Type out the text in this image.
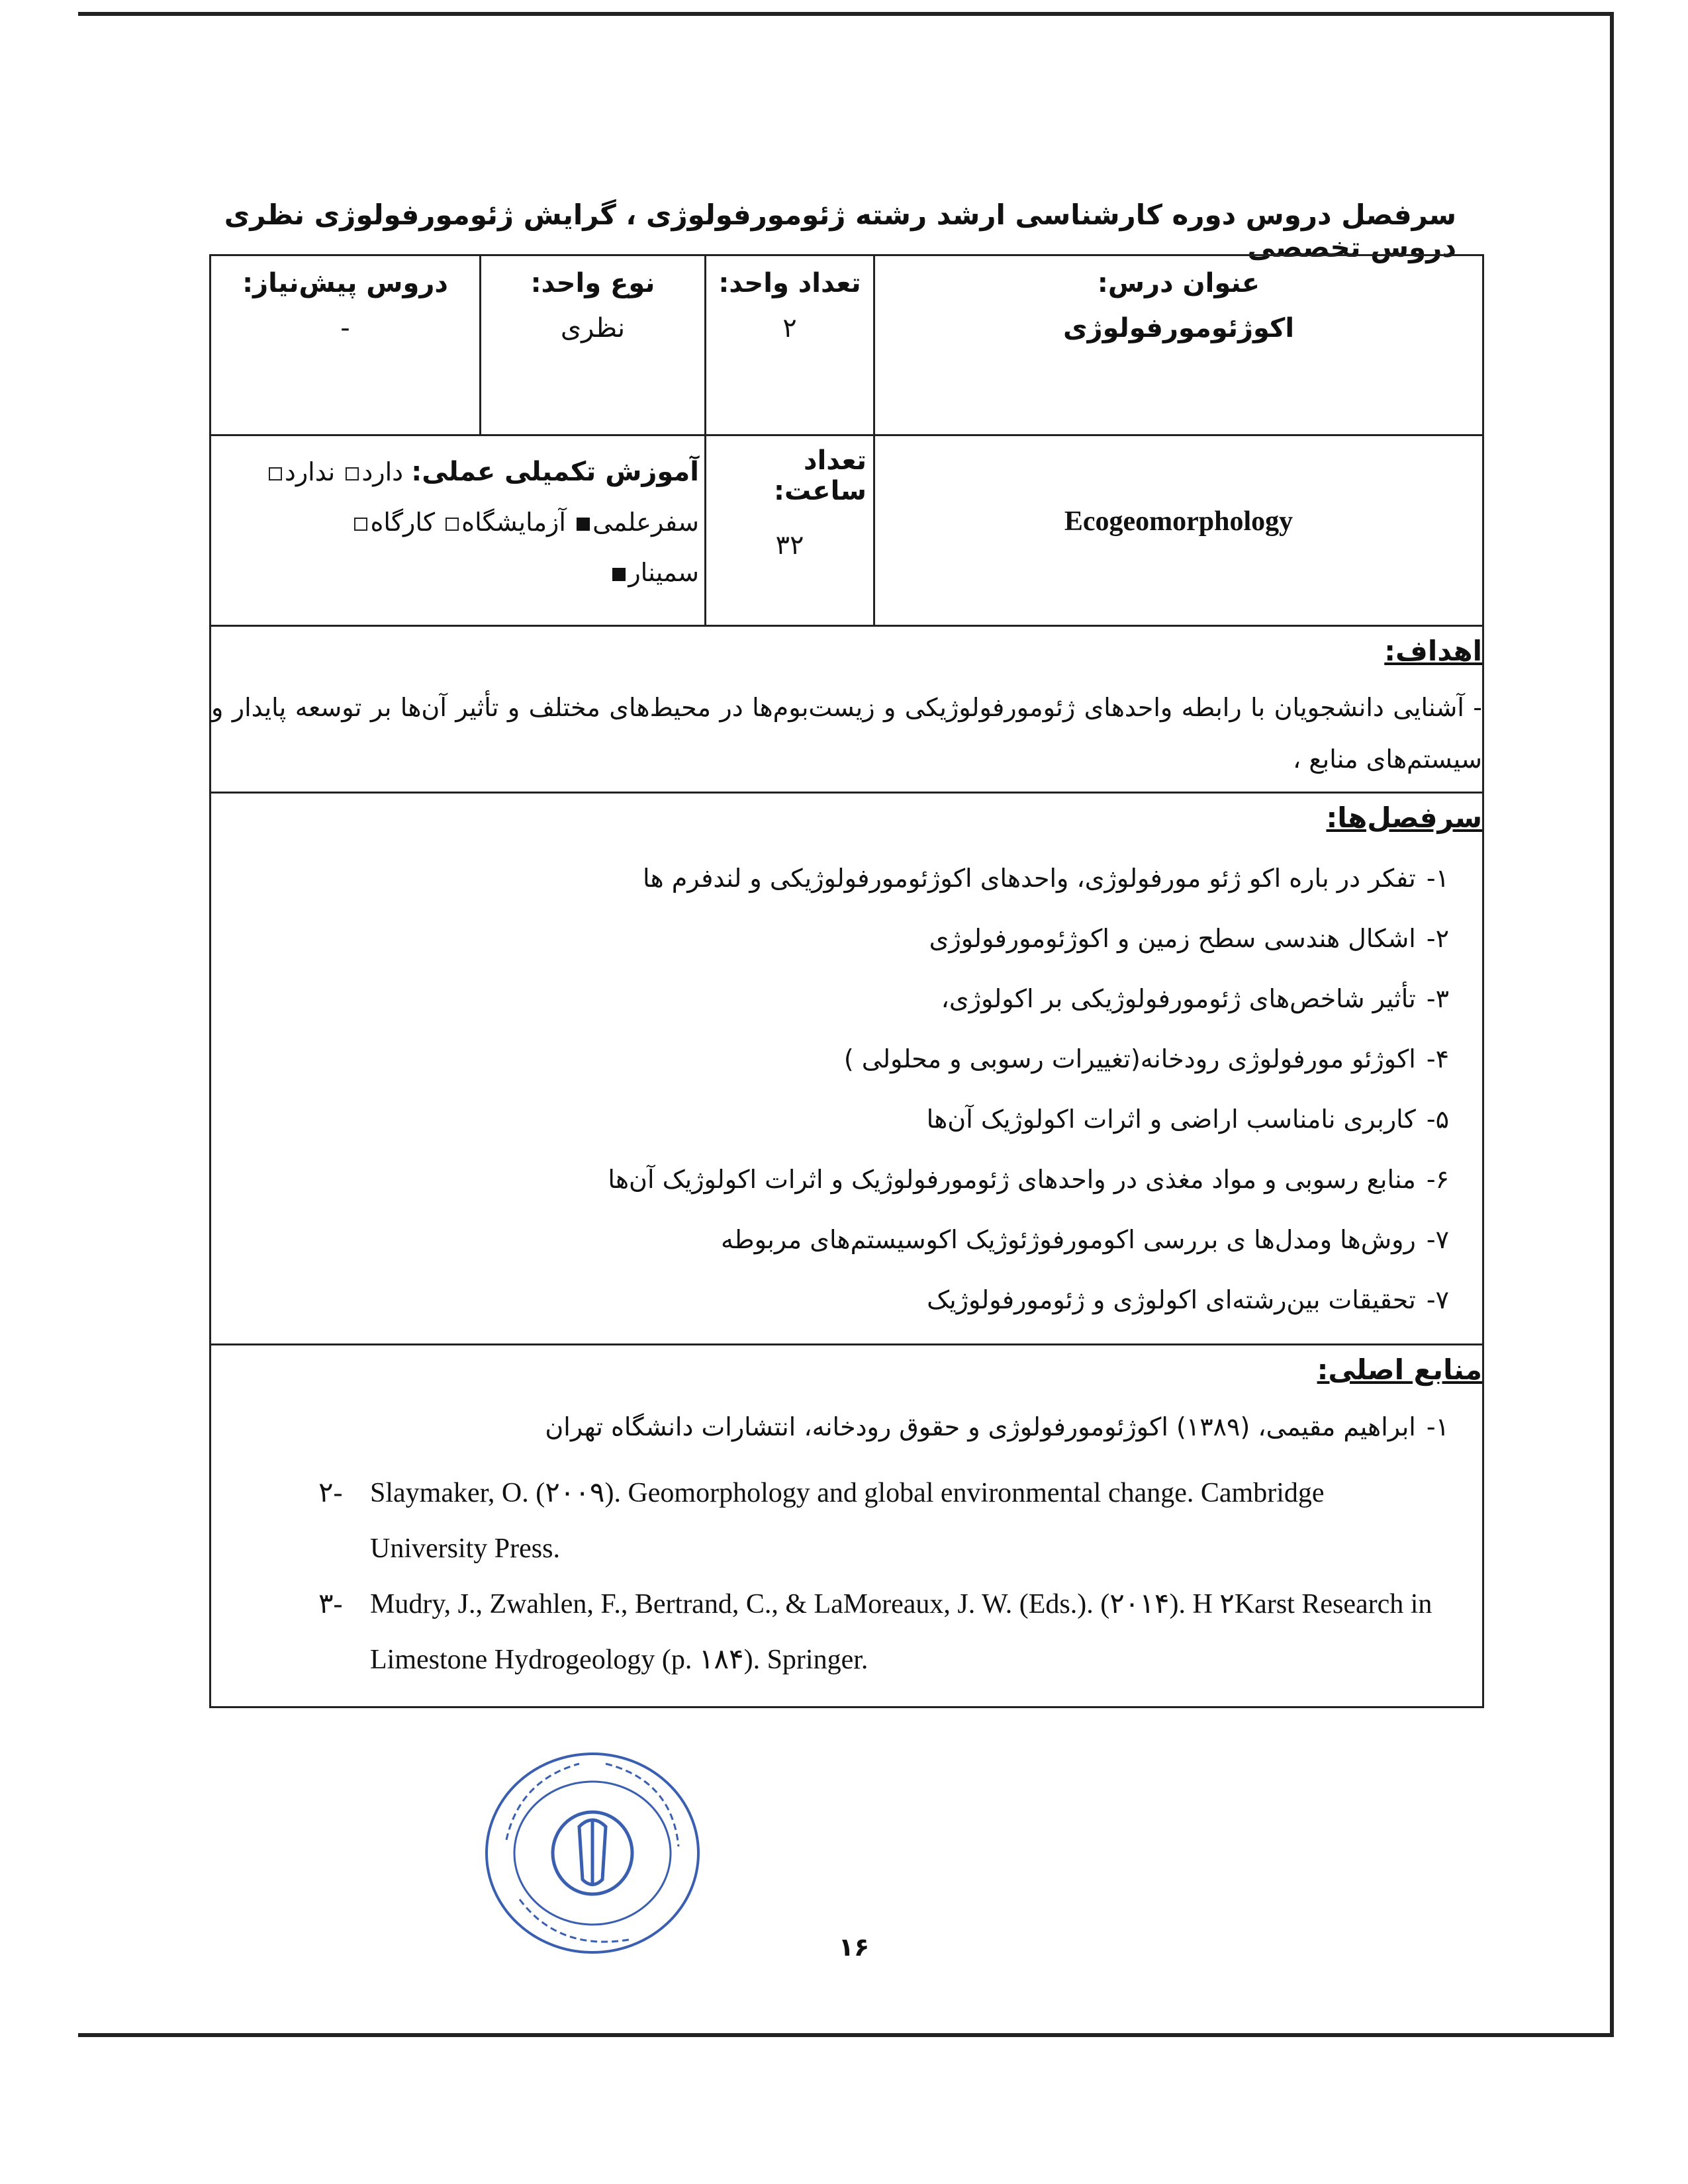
سرفصل دروس دوره کارشناسی ارشد رشته ژئومورفولوژی ، گرایش ژئومورفولوژی نظری دروس تخصصی
عنوان درس:
اکوژئومورفولوژی
تعداد واحد:
۲
نوع واحد:
نظری
دروس پیش‌نیاز:
-
Ecogeomorphology
تعداد ساعت:
۳۲
آموزش تکمیلی عملی: دارد ندارد
سفرعلمی آزمایشگاه کارگاه
سمینار
اهداف:
- آشنایی دانشجویان با رابطه واحدهای ژئومورفولوژیکی و زیست‌بوم‌ها در محیط‌های مختلف و تأثیر آن‌ها بر توسعه پایدار و سیستم‌های منابع ،
سرفصل‌ها:
۱-تفکر در باره اکو ژئو مورفولوژی، واحدهای اکوژئومورفولوژیکی و لندفرم ها
۲-اشکال هندسی سطح زمین و اکوژئومورفولوژی
۳-تأثیر شاخص‌های ژئومورفولوژیکی بر اکولوژی،
۴-اکوژئو مورفولوژی رودخانه(تغییرات رسوبی و محلولی )
۵-کاربری نامناسب اراضی و اثرات اکولوژیک آن‌ها
۶-منابع رسوبی و مواد مغذی در واحدهای ژئومورفولوژیک و اثرات اکولوژیک آن‌ها
۷-روش‌ها ومدل‌ها ی بررسی اکومورفوژئوژیک اکوسیستم‌های مربوطه
۷-تحقیقات بین‌رشته‌ای اکولوژی و ژئومورفولوژیک
منابع اصلی:
۱-ابراهیم مقیمی، (۱۳۸۹) اکوژئومورفولوژی و حقوق رودخانه، انتشارات دانشگاه تهران
۲- Slaymaker, O. (۲۰۰۹). Geomorphology and global environmental change. Cambridge University Press.
۳- Mudry, J., Zwahlen, F., Bertrand, C., & LaMoreaux, J. W. (Eds.). (۲۰۱۴). H ۲Karst Research in Limestone Hydrogeology (p. ۱۸۴). Springer.
۱۶
